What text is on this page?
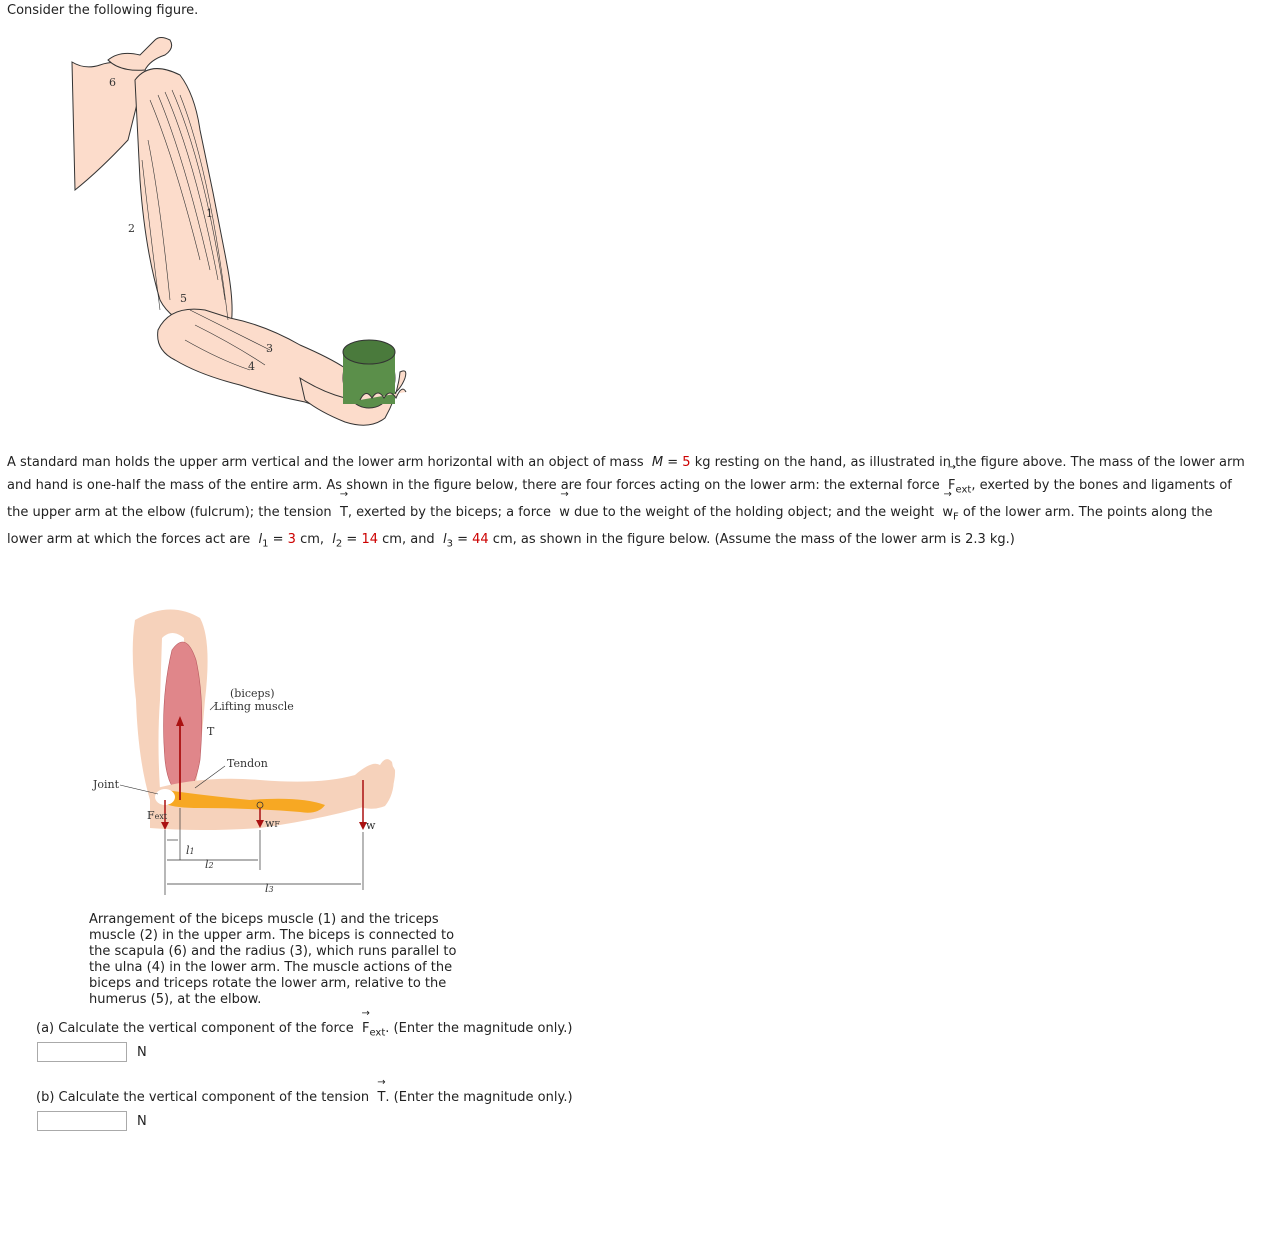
Consider the following figure.
1
2
3
4
5
6
A standard man holds the upper arm vertical and the lower arm horizontal with an object of mass M = 5 kg resting on the hand, as illustrated in the figure above. The mass of the lower arm and hand is one-half the mass of the entire arm. As shown in the figure below, there are four forces acting on the lower arm: the external force → $F_{ext}$, exerted by the bones and ligaments of the upper arm at the elbow (fulcrum); the tension → T, exerted by the biceps; a force → w due to the weight of the holding object; and the weight → $w_F$ of the lower arm. The points along the lower arm at which the forces act are $l_1 = 3$ cm, $l_2 = 14$ cm, and $l_3 = 44$ cm, as shown in the figure below. (Assume the mass of the lower arm is 2.3 kg.)
(biceps)
Lifting muscle
T
Tendon
Joint
Fext
wF	w
l1
l2
l3
Arrangement of the biceps muscle (1) and the triceps muscle (2) in the upper arm. The biceps is connected to the scapula (6) and the radius (3), which runs parallel to the ulna (4) in the lower arm. The muscle actions of the biceps and triceps rotate the lower arm, relative to the humerus (5), at the elbow.
(a) Calculate the vertical component of the force → $F_{ext}$. (Enter the magnitude only.)
N
(b) Calculate the vertical component of the tension → T. (Enter the magnitude only.)
N
